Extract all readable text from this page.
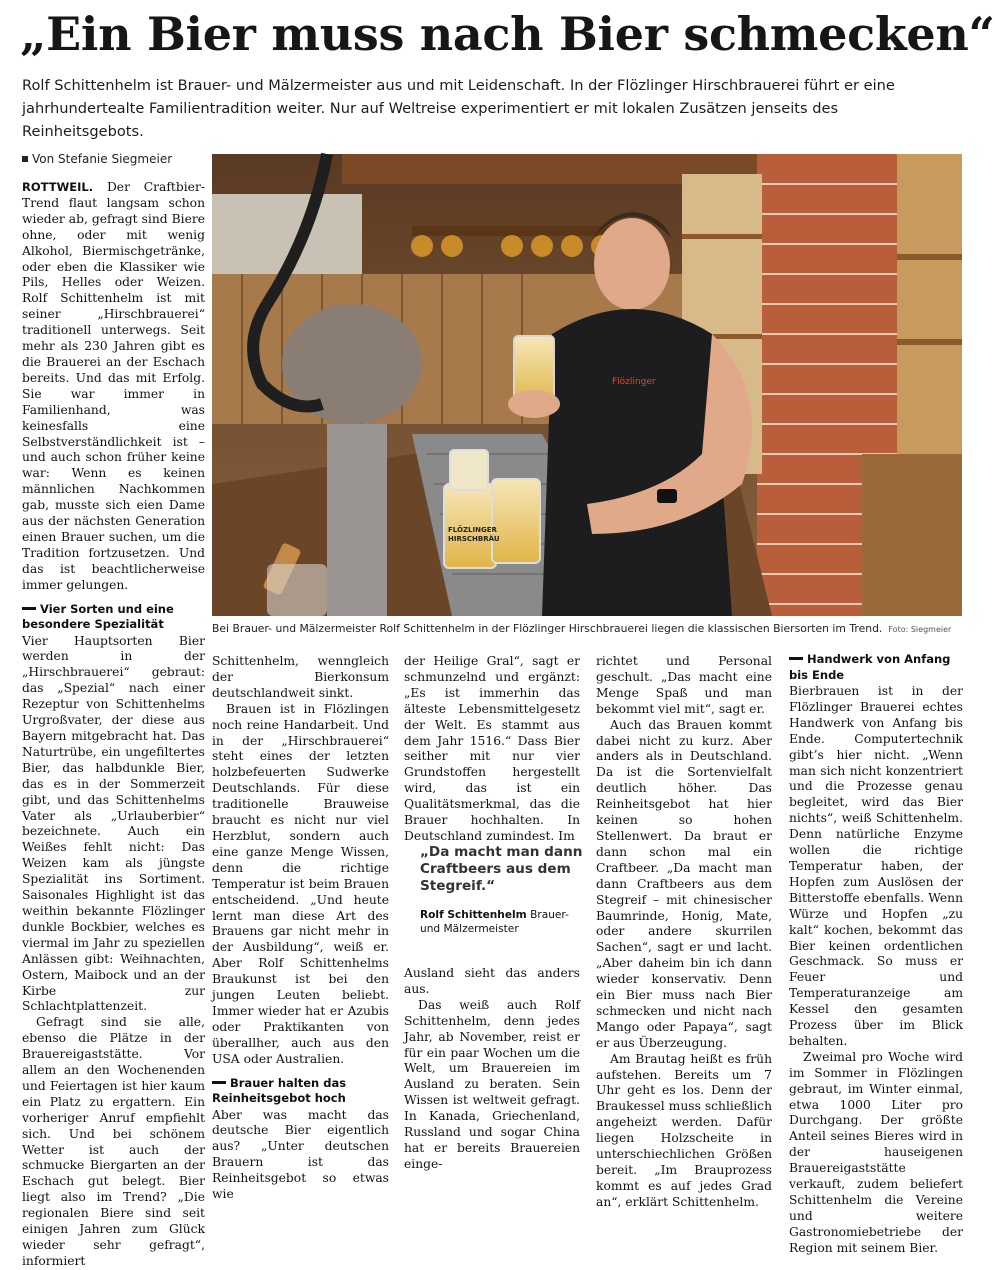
„Ein Bier muss nach Bier schmecken“
Rolf Schittenhelm ist Brauer- und Mälzermeister aus und mit Leidenschaft. In der Flözlinger Hirschbrauerei führt er eine jahrhundertealte Familientradition weiter. Nur auf Weltreise experimentiert er mit lokalen Zusätzen jenseits des Reinheitsgebots.
Von Stefanie Siegmeier

ROTTWEIL. Der Craftbier-Trend flaut langsam schon wieder ab, gefragt sind Biere ohne, oder mit wenig Alkohol, Biermischgetränke, oder eben die Klassiker wie Pils, Helles oder Weizen. Rolf Schittenhelm ist mit seiner „Hirschbrauerei“ traditionell unterwegs. Seit mehr als 230 Jahren gibt es die Brauerei an der Eschach bereits. Und das mit Erfolg. Sie war immer in Familienhand, was keinesfalls eine Selbstverständlichkeit ist – und auch schon früher keine war: Wenn es keinen männlichen Nachkommen gab, musste sich eien Dame aus der nächsten Generation einen Brauer suchen, um die Tradition fortzusetzen. Und das ist beachtlicherweise immer gelungen.

Vier Sorten und eine besondere Spezialität

Vier Hauptsorten Bier werden in der „Hirschbrauerei“ gebraut: das „Spezial“ nach einer Rezeptur von Schittenhelms Urgroßvater, der diese aus Bayern mitgebracht hat. Das Naturtrübe, ein ungefiltertes Bier, das halbdunkle Bier, das es in der Sommerzeit gibt, und das Schittenhelms Vater als „Urlauberbier“ bezeichnete. Auch ein Weißes fehlt nicht: Das Weizen kam als jüngste Spezialität ins Sortiment. Saisonales Highlight ist das weithin bekannte Flözlinger dunkle Bockbier, welches es viermal im Jahr zu speziellen Anlässen gibt: Weihnachten, Ostern, Maibock und an der Kirbe zur Schlachtplattenzeit.

Gefragt sind sie alle, ebenso die Plätze in der Brauereigaststätte. Vor allem an den Wochenenden und Feiertagen ist hier kaum ein Platz zu ergattern. Ein vorheriger Anruf empfiehlt sich. Und bei schönem Wetter ist auch der schmucke Biergarten an der Eschach gut belegt. Bier liegt also im Trend? „Die regionalen Biere sind seit einigen Jahren zum Glück wieder sehr gefragt“, informiert

Flözlinger
FLÖZLINGER
HIRSCHBRÄU
Bei Brauer- und Mälzermeister Rolf Schittenhelm in der Flözlinger Hirschbrauerei liegen die klassischen Biersorten im Trend. Foto: Siegmeier

Schittenhelm, wenngleich der Bierkonsum deutschlandweit sinkt.

Brauen ist in Flözlingen noch reine Handarbeit. Und in der „Hirschbrauerei“ steht eines der letzten holzbefeuerten Sudwerke Deutschlands. Für diese traditionelle Brauweise braucht es nicht nur viel Herzblut, sondern auch eine ganze Menge Wissen, denn die richtige Temperatur ist beim Brauen entscheidend. „Und heute lernt man diese Art des Brauens gar nicht mehr in der Ausbildung“, weiß er. Aber Rolf Schittenhelms Braukunst ist bei den jungen Leuten beliebt. Immer wieder hat er Azubis oder Praktikanten von überallher, auch aus den USA oder Australien.

Brauer halten das Reinheitsgebot hoch

Aber was macht das deutsche Bier eigentlich aus? „Unter deutschen Brauern ist das Reinheitsgebot so etwas wie

der Heilige Gral“, sagt er schmunzelnd und ergänzt: „Es ist immerhin das älteste Lebensmittelgesetz der Welt. Es stammt aus dem Jahr 1516.“ Dass Bier seither mit nur vier Grundstoffen hergestellt wird, das ist ein Qualitätsmerkmal, das die Brauer hochhalten. In Deutschland zumindest. Im

„Da macht man dann Craftbeers aus dem Stegreif.“
Rolf Schittenhelm Brauer- und Mälzermeister

Ausland sieht das anders aus.

Das weiß auch Rolf Schittenhelm, denn jedes Jahr, ab November, reist er für ein paar Wochen um die Welt, um Brauereien im Ausland zu beraten. Sein Wissen ist weltweit gefragt. In Kanada, Griechenland, Russland und sogar China hat er bereits Brauereien einge-

richtet und Personal geschult. „Das macht eine Menge Spaß und man bekommt viel mit“, sagt er.

Auch das Brauen kommt dabei nicht zu kurz. Aber anders als in Deutschland. Da ist die Sortenvielfalt deutlich höher. Das Reinheitsgebot hat hier keinen so hohen Stellenwert. Da braut er dann schon mal ein Craftbeer. „Da macht man dann Craftbeers aus dem Stegreif – mit chinesischer Baumrinde, Honig, Mate, oder andere skurrilen Sachen“, sagt er und lacht. „Aber daheim bin ich dann wieder konservativ. Denn ein Bier muss nach Bier schmecken und nicht nach Mango oder Papaya“, sagt er aus Überzeugung.

Am Brautag heißt es früh aufstehen. Bereits um 7 Uhr geht es los. Denn der Braukessel muss schließlich angeheizt werden. Dafür liegen Holzscheite in unterschiechlichen Größen bereit. „Im Brauprozess kommt es auf jedes Grad an“, erklärt Schittenhelm.

Handwerk von Anfang bis Ende

Bierbrauen ist in der Flözlinger Brauerei echtes Handwerk von Anfang bis Ende. Computertechnik gibt’s hier nicht. „Wenn man sich nicht konzentriert und die Prozesse genau begleitet, wird das Bier nichts“, weiß Schittenhelm. Denn natürliche Enzyme wollen die richtige Temperatur haben, der Hopfen zum Auslösen der Bitterstoffe ebenfalls. Wenn Würze und Hopfen „zu kalt“ kochen, bekommt das Bier keinen ordentlichen Geschmack. So muss er Feuer und Temperaturanzeige am Kessel den gesamten Prozess über im Blick behalten.

Zweimal pro Woche wird im Sommer in Flözlingen gebraut, im Winter einmal, etwa 1000 Liter pro Durchgang. Der größte Anteil seines Bieres wird in der hauseigenen Brauereigaststätte verkauft, zudem beliefert Schittenhelm die Vereine und weitere Gastronomiebetriebe der Region mit seinem Bier.
